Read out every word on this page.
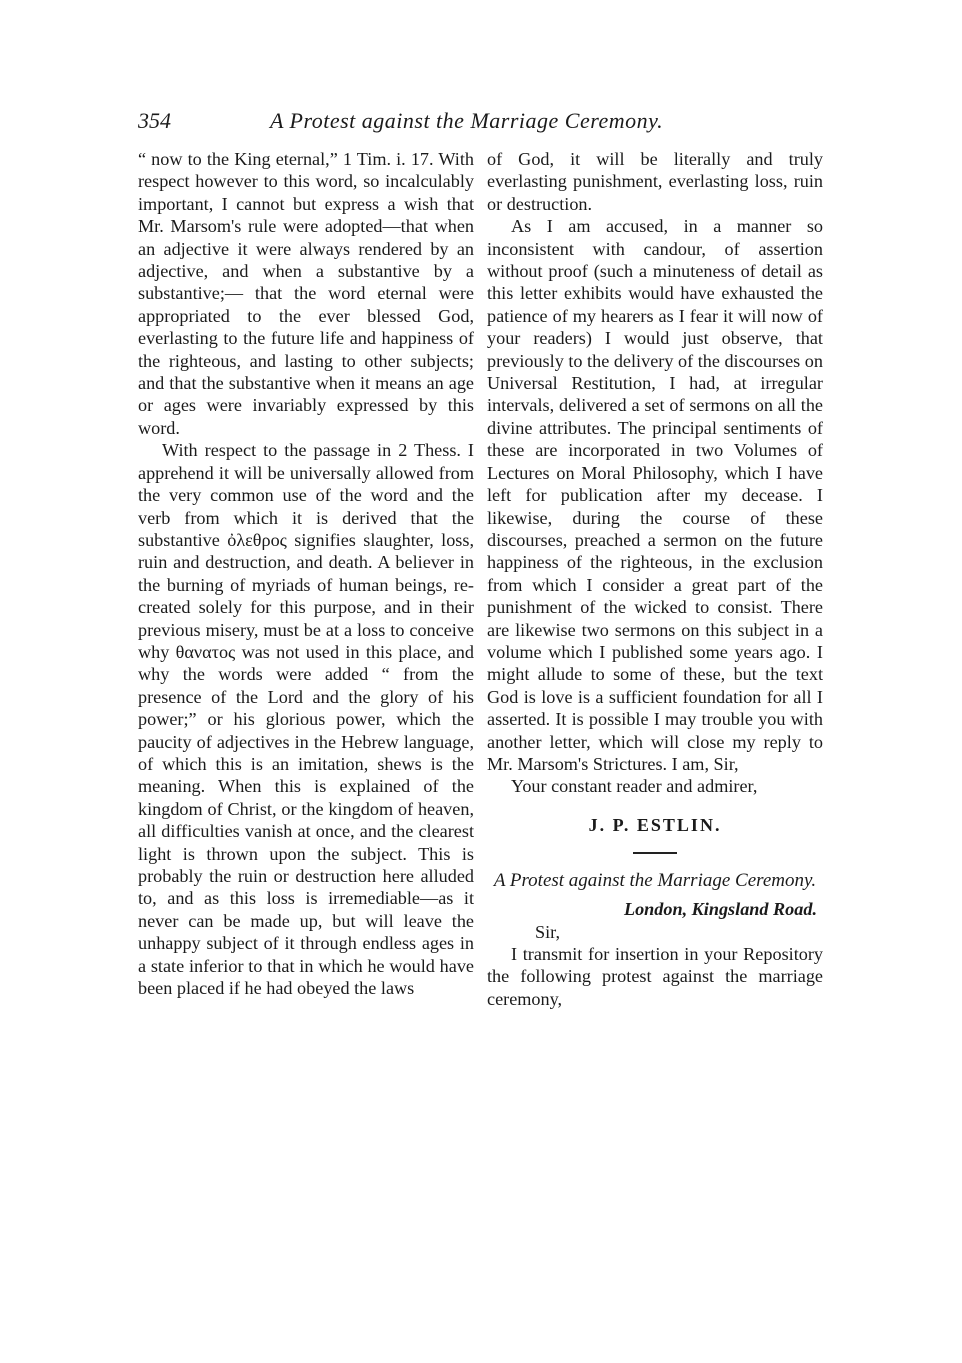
354	A Protest against the Marriage Ceremony.

“ now to the King eternal,” 1 Tim. i. 17. With respect however to this word, so incalculably important, I cannot but express a wish that Mr. Marsom's rule were adopted—that when an adjective it were always rendered by an adjective, and when a substantive by a substantive;— that the word eternal were appropriated to the ever blessed God, everlasting to the future life and happiness of the righteous, and lasting to other subjects; and that the substantive when it means an age or ages were invariably expressed by this word.

With respect to the passage in 2 Thess. I apprehend it will be universally allowed from the very common use of the word and the verb from which it is derived that the substantive ὀλεθρος signifies slaughter, loss, ruin and destruction, and death. A believer in the burning of myriads of human beings, re-created solely for this purpose, and in their previous misery, must be at a loss to conceive why θανατος was not used in this place, and why the words were added “ from the presence of the Lord and the glory of his power;” or his glorious power, which the paucity of adjectives in the Hebrew language, of which this is an imitation, shews is the meaning. When this is explained of the kingdom of Christ, or the kingdom of heaven, all difficulties vanish at once, and the clearest light is thrown upon the subject. This is probably the ruin or destruction here alluded to, and as this loss is irremediable—as it never can be made up, but will leave the unhappy subject of it through endless ages in a state inferior to that in which he would have been placed if he had obeyed the laws

of God, it will be literally and truly everlasting punishment, everlasting loss, ruin or destruction.

As I am accused, in a manner so inconsistent with candour, of assertion without proof (such a minuteness of detail as this letter exhibits would have exhausted the patience of my hearers as I fear it will now of your readers) I would just observe, that previously to the delivery of the discourses on Universal Restitution, I had, at irregular intervals, delivered a set of sermons on all the divine attributes. The principal sentiments of these are incorporated in two Volumes of Lectures on Moral Philosophy, which I have left for publication after my decease. I likewise, during the course of these discourses, preached a sermon on the future happiness of the righteous, in the exclusion from which I consider a great part of the punishment of the wicked to consist. There are likewise two sermons on this subject in a volume which I published some years ago. I might allude to some of these, but the text God is love is a sufficient foundation for all I asserted. It is possible I may trouble you with another letter, which will close my reply to Mr. Marsom's Strictures. I am, Sir,

Your constant reader and admirer,

J. P. ESTLIN.

A Protest against the Marriage Ceremony.

London, Kingsland Road.

Sir,

I transmit for insertion in your Repository the following protest against the marriage ceremony,
